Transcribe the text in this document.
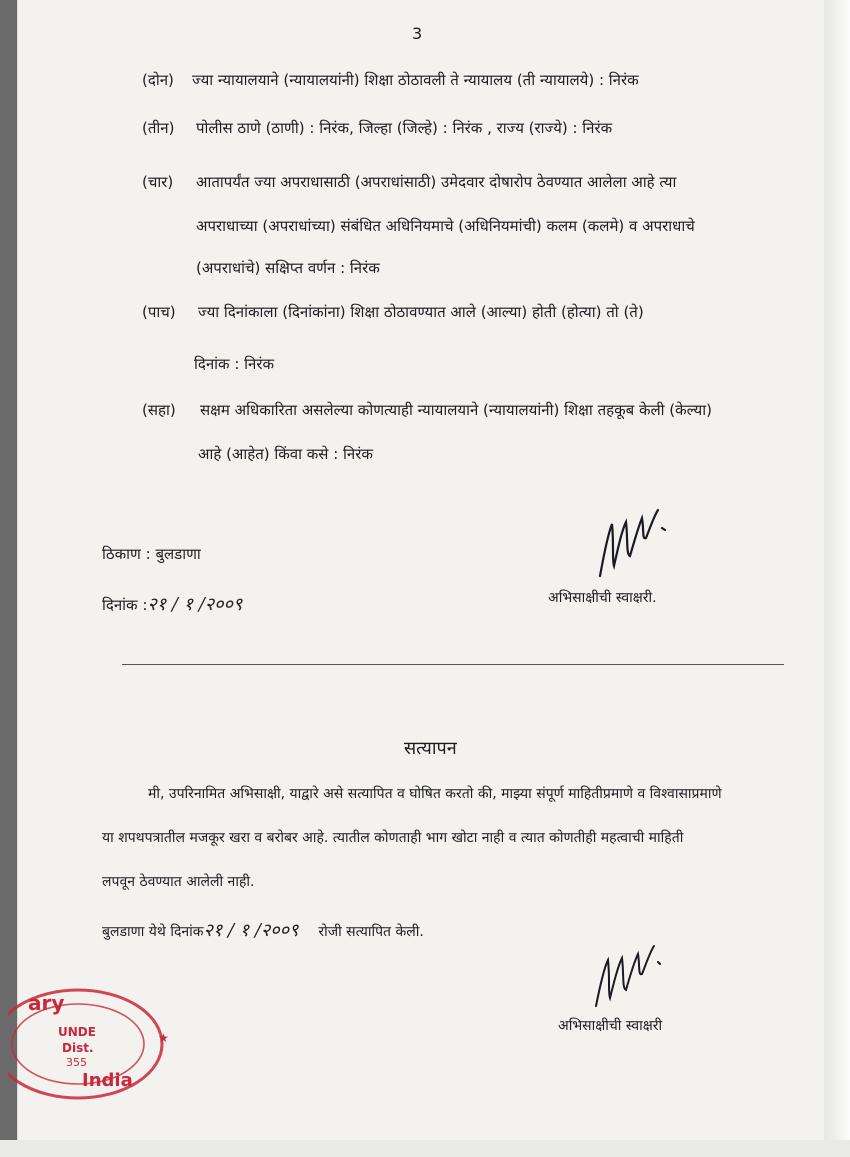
3
(दोन) ज्या न्यायालयाने (न्यायालयांनी) शिक्षा ठोठावली ते न्यायालय (ती न्यायालये) : निरंक
(तीन) पोलीस ठाणे (ठाणी) : निरंक, जिल्हा (जिल्हे) : निरंक , राज्य (राज्ये) : निरंक
(चार) आतापर्यंत ज्या अपराधासाठी (अपराधांसाठी) उमेदवार दोषारोप ठेवण्यात आलेला आहे त्या
अपराधाच्या (अपराधांच्या) संबंधित अधिनियमाचे (अधिनियमांची) कलम (कलमे) व अपराधाचे
(अपराधांचे) सक्षिप्त वर्णन : निरंक
(पाच) ज्या दिनांकाला (दिनांकांना) शिक्षा ठोठावण्यात आले (आल्या) होती (होत्या) तो (ते)
दिनांक : निरंक
(सहा) सक्षम अधिकारिता असलेल्या कोणत्याही न्यायालयाने (न्यायालयांनी) शिक्षा तहकूब केली (केल्या)
आहे (आहेत) किंवा कसे : निरंक
ठिकाण : बुलडाणा
दिनांक :२१ / १ /२००९	अभिसाक्षीची स्वाक्षरी.
सत्यापन
मी, उपरिनामित अभिसाक्षी, याद्वारे असे सत्यापित व घोषित करतो की, माझ्या संपूर्ण माहितीप्रमाणे व विश्वासाप्रमाणे
या शपथपत्रातील मजकूर खरा व बरोबर आहे. त्यातील कोणताही भाग खोटा नाही व त्यात कोणतीही महत्वाची माहिती
लपवून ठेवण्यात आलेली नाही.
बुलडाणा येथे दिनांक२१ / १ /२००९ रोजी सत्यापित केली.
अभिसाक्षीची स्वाक्षरी
ary
UNDE
Dist.
355
India
★
